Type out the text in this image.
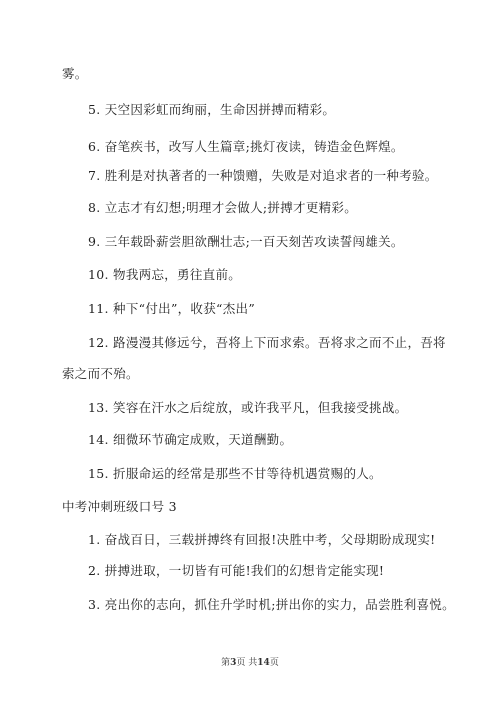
雾。
5. 天空因彩虹而绚丽，生命因拼搏而精彩。
6. 奋笔疾书，改写人生篇章;挑灯夜读，铸造金色辉煌。
7. 胜利是对执著者的一种馈赠，失败是对追求者的一种考验。
8. 立志才有幻想;明理才会做人;拼搏才更精彩。
9. 三年载卧薪尝胆欲酬壮志;一百天刻苦攻读誓闯雄关。
10. 物我两忘，勇往直前。
11. 种下“付出”，收获“杰出”
12. 路漫漫其修远兮，吾将上下而求索。吾将求之而不止，吾将
索之而不殆。
13. 笑容在汗水之后绽放，或许我平凡，但我接受挑战。
14. 细微环节确定成败，天道酬勤。
15. 折服命运的经常是那些不甘等待机遇赏赐的人。
中考冲刺班级口号 3
1. 奋战百日，三载拼搏终有回报!决胜中考，父母期盼成现实!
2. 拼搏进取，一切皆有可能!我们的幻想肯定能实现!
3. 亮出你的志向，抓住升学时机;拼出你的实力，品尝胜利喜悦。
第3页 共14页
